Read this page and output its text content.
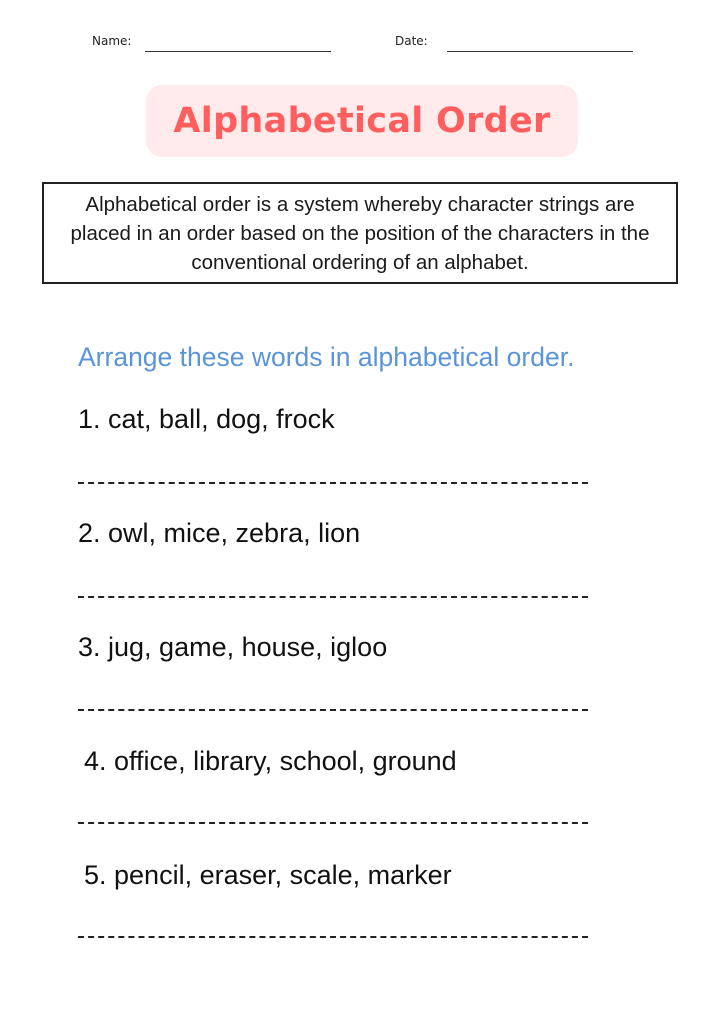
Name:	Date:
Alphabetical Order
Alphabetical order is a system whereby character strings are placed in an order based on the position of the characters in the conventional ordering of an alphabet.
Arrange these words in alphabetical order.
1. cat, ball, dog, frock
2. owl, mice, zebra, lion
3. jug, game, house, igloo
4. office, library, school, ground
5. pencil, eraser, scale, marker
